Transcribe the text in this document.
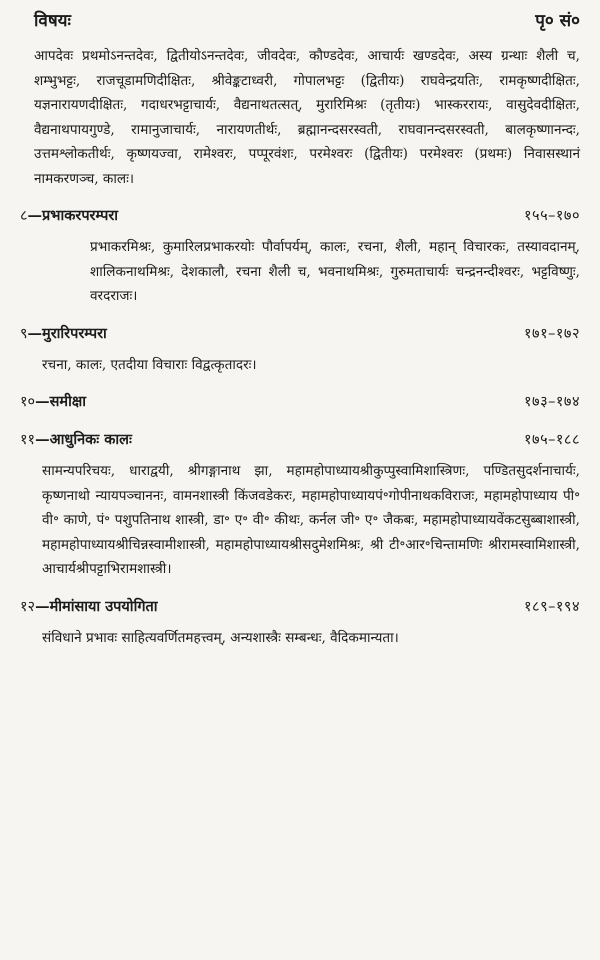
विषयः	पृ० सं०

आपदेवः प्रथमोऽनन्तदेवः, द्वितीयोऽनन्तदेवः, जीवदेवः, कौण्डदेवः, आचार्यः खण्डदेवः, अस्य ग्रन्थाः शैली च, शम्भुभट्टः, राजचूडामणिदीक्षितः, श्रीवेङ्कटाध्वरी, गोपालभट्टः (द्वितीयः) राघवेन्द्रयतिः, रामकृष्णदीक्षितः, यज्ञनारायणदीक्षितः, गदाधरभट्टाचार्यः, वैद्यनाथतत्सत्, मुरारिमिश्रः (तृतीयः) भास्कररायः, वासुदेवदीक्षितः, वैद्यनाथपायगुण्डे, रामानुजाचार्यः, नारायणतीर्थः, ब्रह्मानन्दसरस्वती, राघवानन्दसरस्वती, बालकृष्णानन्दः, उत्तमश्लोकतीर्थः, कृष्णयज्वा, रामेश्वरः, पप्पूरवंशः, परमेश्वरः (द्वितीयः) परमेश्वरः (प्रथमः) निवासस्थानं नामकरणञ्च, कालः।

८ — प्रभाकरपरम्परा	१५५–१७०

प्रभाकरमिश्रः, कुमारिलप्रभाकरयोः पौर्वापर्यम्, कालः, रचना, शैली, महान् विचारकः, तस्यावदानम्, शालिकनाथमिश्रः, देशकालौ, रचना शैली च, भवनाथमिश्रः, गुरुमताचार्यः चन्द्रनन्दीश्वरः, भट्टविष्णुः, वरदराजः।

९ — मुरारिपरम्परा	१७१–१७२

रचना, कालः, एतदीया विचाराः विद्वत्कृतादरः।

१० — समीक्षा	१७३–१७४
११ — आधुनिकः कालः	१७५–१८८

सामन्यपरिचयः, धाराद्वयी, श्रीगङ्गानाथ झा, महामहोपाध्यायश्रीकुप्पुस्वामिशास्त्रिणः, पण्डितसुदर्शनाचार्यः, कृष्णनाथो न्यायपञ्चाननः, वामनशास्त्री किंजवडेकरः, महामहोपाध्यायपं॰गोपीनाथकविराजः, महामहोपाध्याय पी॰ वी॰ काणे, पं॰ पशुपतिनाथ शास्त्री, डा॰ ए॰ वी॰ कीथः, कर्नल जी॰ ए॰ जैकबः, महामहोपाध्यायवेंकटसुब्बाशास्त्री, महामहोपाध्यायश्रीचिन्नस्वामीशास्त्री, महामहोपाध्यायश्रीसदुमेशमिश्रः, श्री टी॰आर॰चिन्तामणिः श्रीरामस्वामिशास्त्री, आचार्यश्रीपट्टाभिरामशास्त्री।

१२ — मीमांसाया उपयोगिता	१८९–१९४

संविधाने प्रभावः साहित्यवर्णितमहत्त्वम्, अन्यशास्त्रैः सम्बन्धः, वैदिकमान्यता।
